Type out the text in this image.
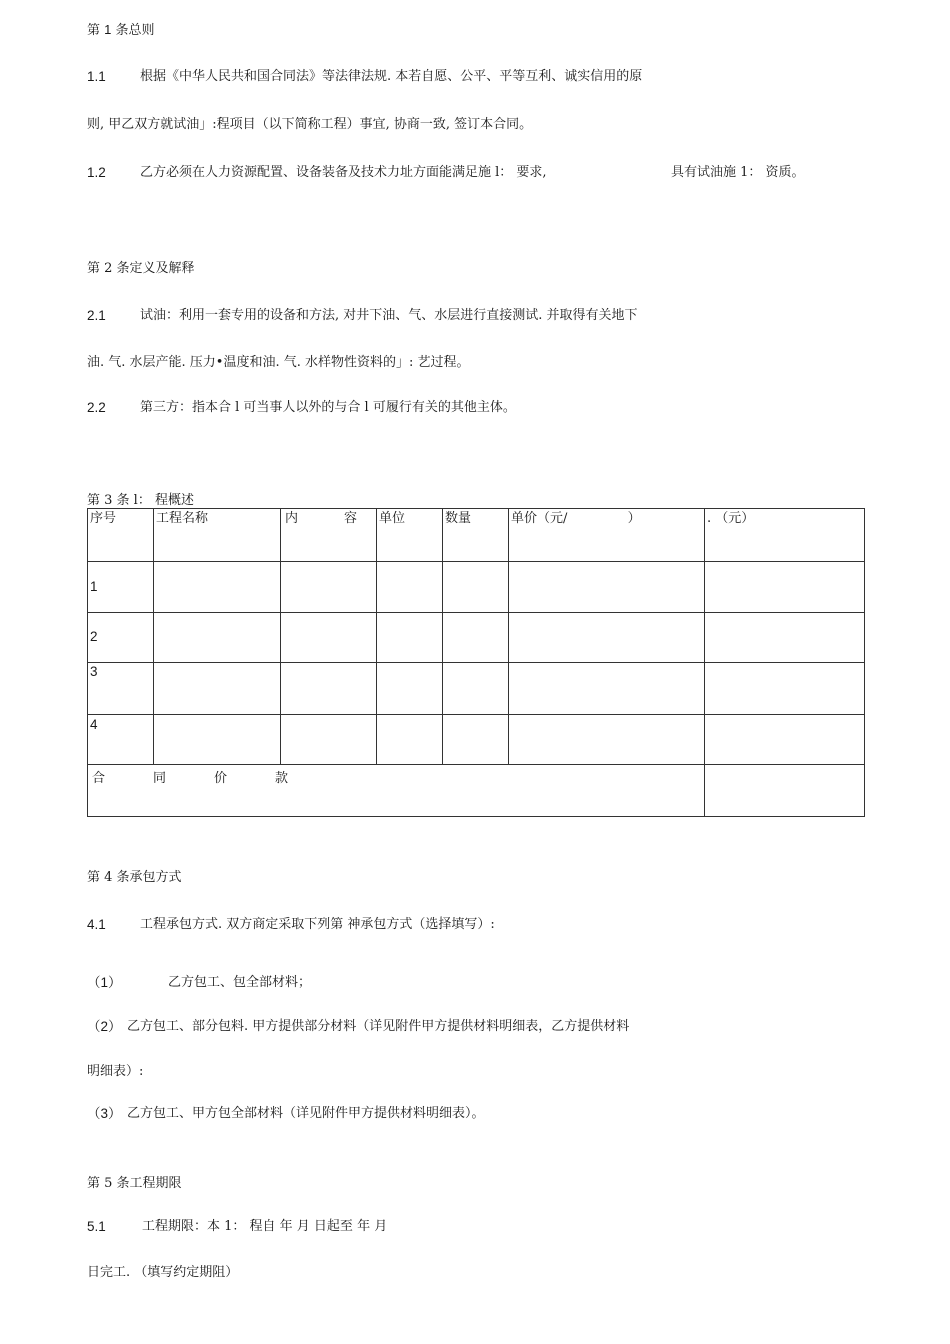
第 1 条总则
1.1	根据《中华人民共和国合同法》等法律法规. 本若自愿、公平、平等互利、诚实信用的原
则, 甲乙双方就试油」:程项目（以下简称工程）事宜, 协商一致, 签订本合同。
1.2	乙方必须在人力资源配置、设备装备及技术力址方面能满足施 l： 要求,	具有试油施 1： 资质。
第 2 条定义及解释
2.1	试油：利用一套专用的设备和方法, 对井下油、气、水层进行直接测试. 并取得有关地下
油. 气. 水层产能. 压力•温度和油. 气. 水样物性资料的」: 艺过程。
2.2	第三方：指本合 l 可当事人以外的与合 l 可履行有关的其他主体。
第 3 条 l： 程概述
序号	工程名称	内 容	单位	数量	单价（元/ ）	. （元）
1						
2						
3						
4						

合 同 价 款						

第 4 条承包方式
4.1	工程承包方式. 双方商定采取下列第 神承包方式（选择填写）:
（1）	乙方包工、包全部材料；
（2） 乙方包工、部分包料. 甲方提供部分材料（详见附件甲方提供材料明细表，乙方提供材料
明细表）:
（3） 乙方包工、甲方包全部材料（详见附件甲方提供材料明细表）。
第 5 条工程期限
5.1	工程期限：本 1： 程自 年 月 日起至 年 月
日完工. （填写约定期阻）
